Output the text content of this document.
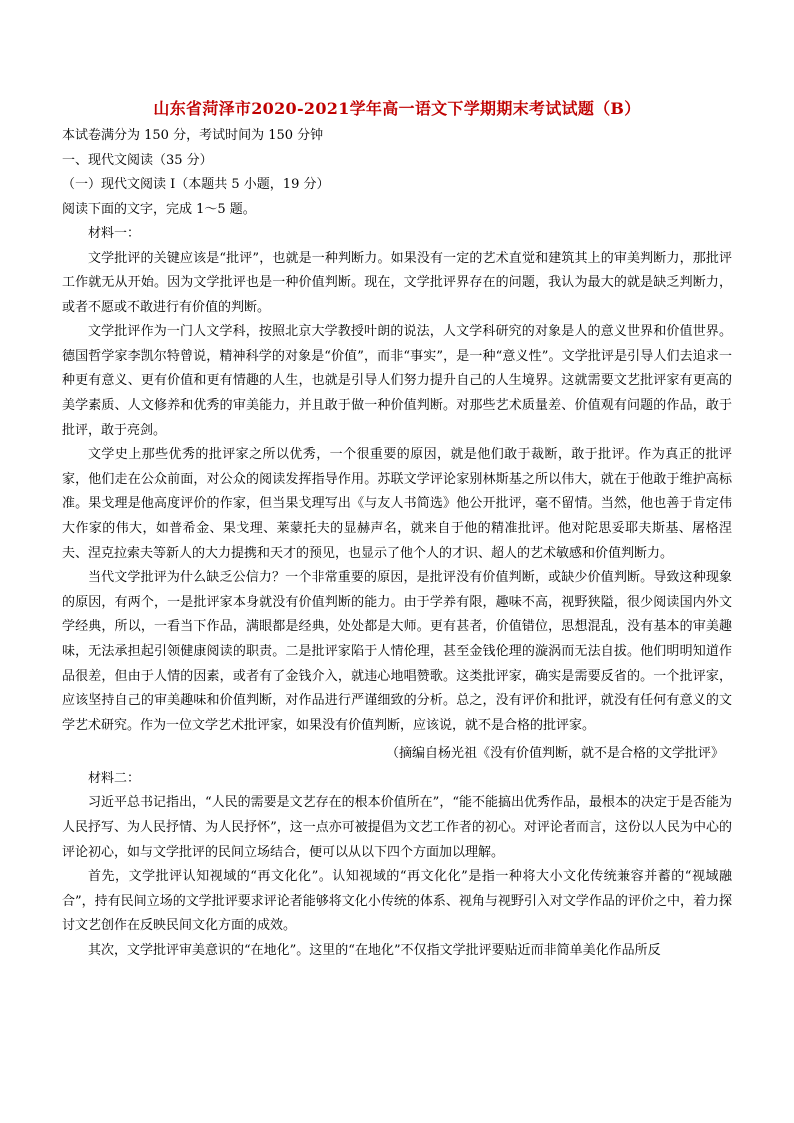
山东省菏泽市2020-2021学年高一语文下学期期末考试试题（B）

本试卷满分为 150 分，考试时间为 150 分钟

一、现代文阅读（35 分）

（一）现代文阅读 I（本题共 5 小题，19 分）

阅读下面的文字，完成 1～5 题。

材料一：

文学批评的关键应该是“批评”，也就是一种判断力。如果没有一定的艺术直觉和建筑其上的审美判断力，那批评工作就无从开始。因为文学批评也是一种价值判断。现在，文学批评界存在的问题，我认为最大的就是缺乏判断力，或者不愿或不敢进行有价值的判断。

文学批评作为一门人文学科，按照北京大学教授叶朗的说法，人文学科研究的对象是人的意义世界和价值世界。德国哲学家李凯尔特曾说，精神科学的对象是“价值”，而非“事实”，是一种“意义性”。文学批评是引导人们去追求一种更有意义、更有价值和更有情趣的人生，也就是引导人们努力提升自己的人生境界。这就需要文艺批评家有更高的美学素质、人文修养和优秀的审美能力，并且敢于做一种价值判断。对那些艺术质量差、价值观有问题的作品，敢于批评，敢于亮剑。

文学史上那些优秀的批评家之所以优秀，一个很重要的原因，就是他们敢于裁断，敢于批评。作为真正的批评家，他们走在公众前面，对公众的阅读发挥指导作用。苏联文学评论家别林斯基之所以伟大，就在于他敢于维护高标准。果戈理是他高度评价的作家，但当果戈理写出《与友人书简选》他公开批评，毫不留情。当然，他也善于肯定伟大作家的伟大，如普希金、果戈理、莱蒙托夫的显赫声名，就来自于他的精准批评。他对陀思妥耶夫斯基、屠格涅夫、涅克拉索夫等新人的大力提携和天才的预见，也显示了他个人的才识、超人的艺术敏感和价值判断力。

当代文学批评为什么缺乏公信力？一个非常重要的原因，是批评没有价值判断，或缺少价值判断。导致这种现象的原因，有两个，一是批评家本身就没有价值判断的能力。由于学养有限，趣味不高，视野狭隘，很少阅读国内外文学经典，所以，一看当下作品，满眼都是经典，处处都是大师。更有甚者，价值错位，思想混乱，没有基本的审美趣味，无法承担起引领健康阅读的职责。二是批评家陷于人情伦理，甚至金钱伦理的漩涡而无法自拔。他们明明知道作品很差，但由于人情的因素，或者有了金钱介入，就违心地唱赞歌。这类批评家，确实是需要反省的。一个批评家，应该坚持自己的审美趣味和价值判断，对作品进行严谨细致的分析。总之，没有评价和批评，就没有任何有意义的文学艺术研究。作为一位文学艺术批评家，如果没有价值判断，应该说，就不是合格的批评家。

（摘编自杨光祖《没有价值判断，就不是合格的文学批评》

材料二：

习近平总书记指出，“人民的需要是文艺存在的根本价值所在”，“能不能搞出优秀作品，最根本的决定于是否能为人民抒写、为人民抒情、为人民抒怀”，这一点亦可被提倡为文艺工作者的初心。对评论者而言，这份以人民为中心的评论初心，如与文学批评的民间立场结合，便可以从以下四个方面加以理解。

首先，文学批评认知视域的“再文化化”。认知视域的“再文化化”是指一种将大小文化传统兼容并蓄的“视域融合”，持有民间立场的文学批评要求评论者能够将文化小传统的体系、视角与视野引入对文学作品的评价之中，着力探讨文艺创作在反映民间文化方面的成效。

其次，文学批评审美意识的“在地化”。这里的“在地化”不仅指文学批评要贴近而非简单美化作品所反
